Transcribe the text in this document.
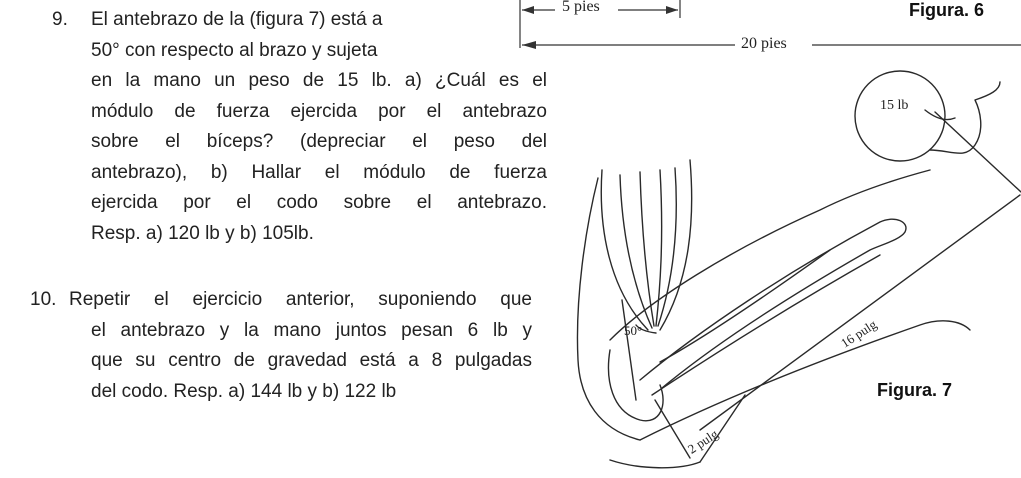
9. El antebrazo de la (figura 7) está a
50° con respecto al brazo y sujeta
en la mano un peso de 15 lb. a) ¿Cuál es el
módulo de fuerza ejercida por el antebrazo
sobre el bíceps? (depreciar el peso del
antebrazo), b) Hallar el módulo de fuerza
ejercida por el codo sobre el antebrazo.
Resp. a) 120 lb y b) 105lb.
10. Repetir el ejercicio anterior, suponiendo que
el antebrazo y la mano juntos pesan 6 lb y
que su centro de gravedad está a 8 pulgadas
del codo. Resp. a) 144 lb y b) 122 lb
5 pies
20 pies
Figura. 6
15 lb
50°	16 pulg
2 pulg
Figura. 7
